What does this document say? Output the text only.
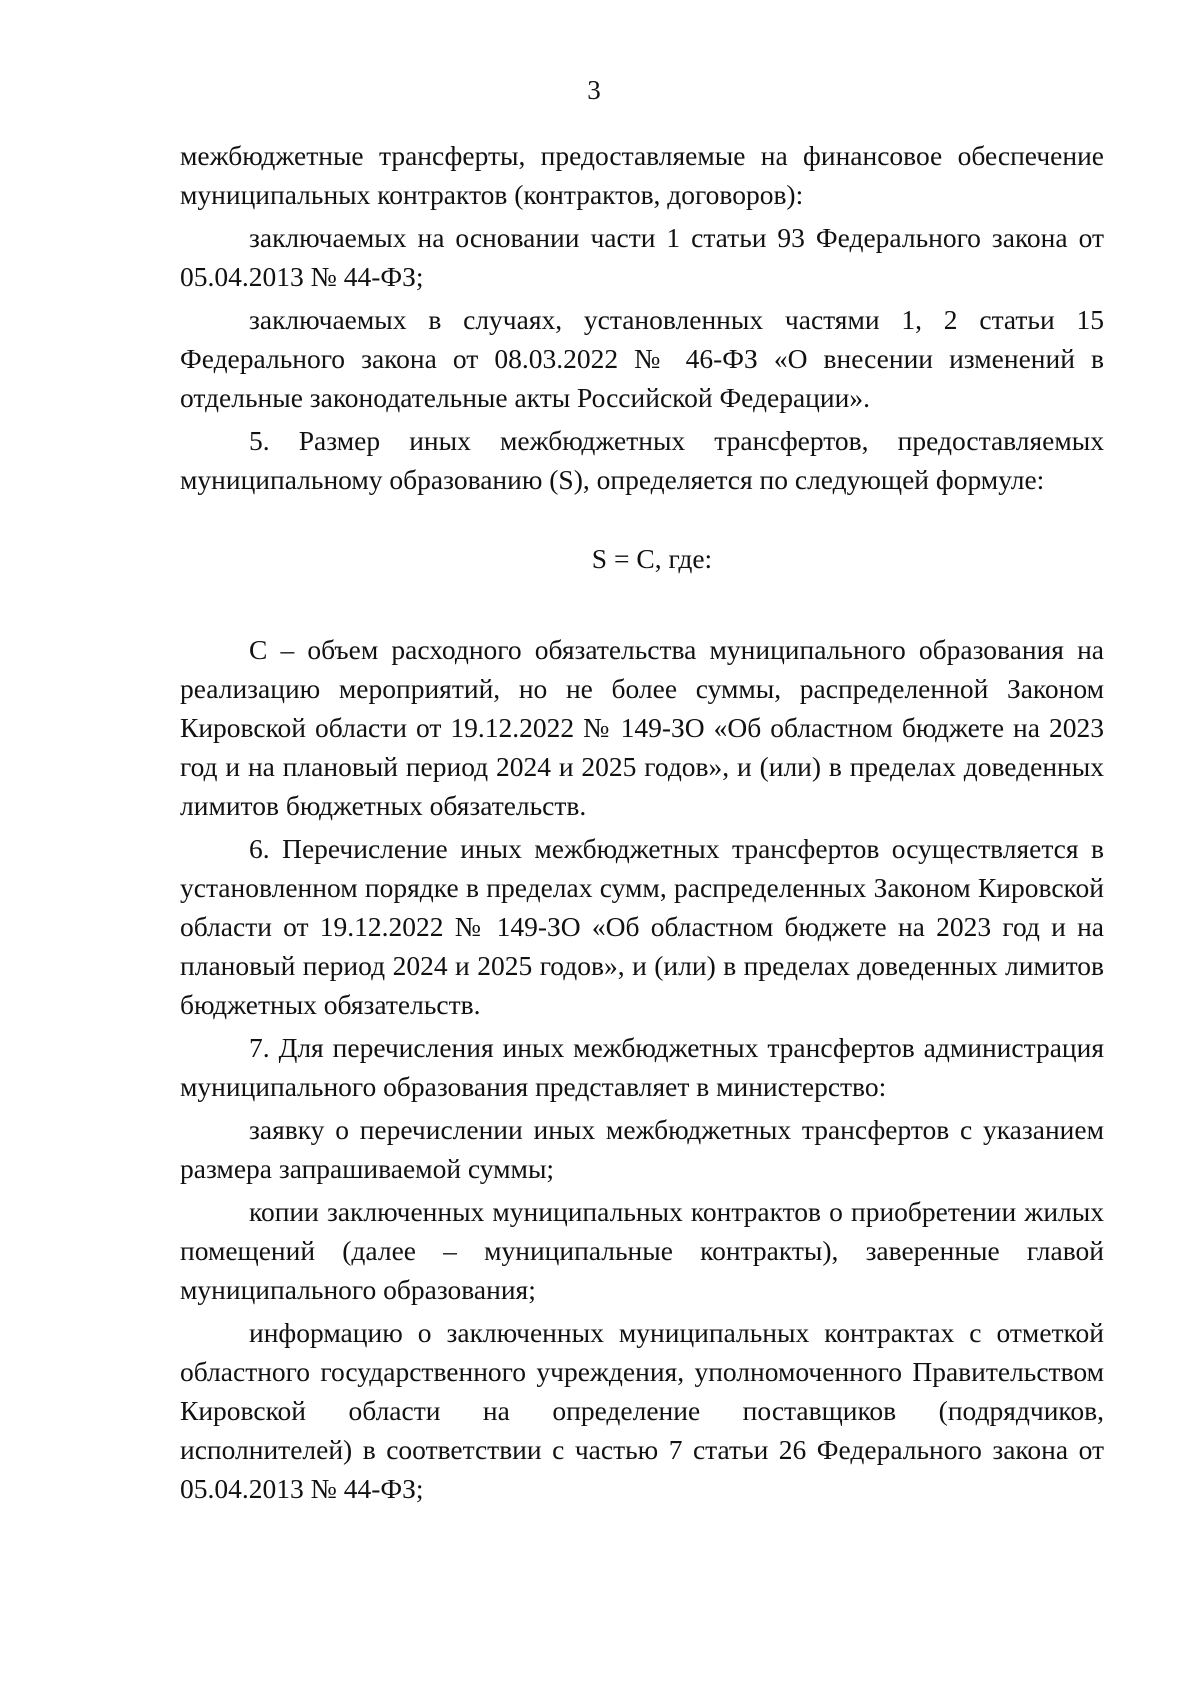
3

межбюджетные трансферты, предоставляемые на финансовое обеспечение муниципальных контрактов (контрактов, договоров):

заключаемых на основании части 1 статьи 93 Федерального закона от 05.04.2013 № 44-ФЗ;

заключаемых в случаях, установленных частями 1, 2 статьи 15 Федерального закона от 08.03.2022 № 46-ФЗ «О внесении изменений в отдельные законодательные акты Российской Федерации».

5. Размер иных межбюджетных трансфертов, предоставляемых муниципальному образованию (S), определяется по следующей формуле:

S = C, где:

C – объем расходного обязательства муниципального образования на реализацию мероприятий, но не более суммы, распределенной Законом Кировской области от 19.12.2022 № 149-ЗО «Об областном бюджете на 2023 год и на плановый период 2024 и 2025 годов», и (или) в пределах доведенных лимитов бюджетных обязательств.

6. Перечисление иных межбюджетных трансфертов осуществляется в установленном порядке в пределах сумм, распределенных Законом Кировской области от 19.12.2022 № 149-ЗО «Об областном бюджете на 2023 год и на плановый период 2024 и 2025 годов», и (или) в пределах доведенных лимитов бюджетных обязательств.

7. Для перечисления иных межбюджетных трансфертов администрация муниципального образования представляет в министерство:

заявку о перечислении иных межбюджетных трансфертов с указанием размера запрашиваемой суммы;

копии заключенных муниципальных контрактов о приобретении жилых помещений (далее – муниципальные контракты), заверенные главой муниципального образования;

информацию о заключенных муниципальных контрактах с отметкой областного государственного учреждения, уполномоченного Правительством Кировской области на определение поставщиков (подрядчиков, исполнителей) в соответствии с частью 7 статьи 26 Федерального закона от 05.04.2013 № 44-ФЗ;
